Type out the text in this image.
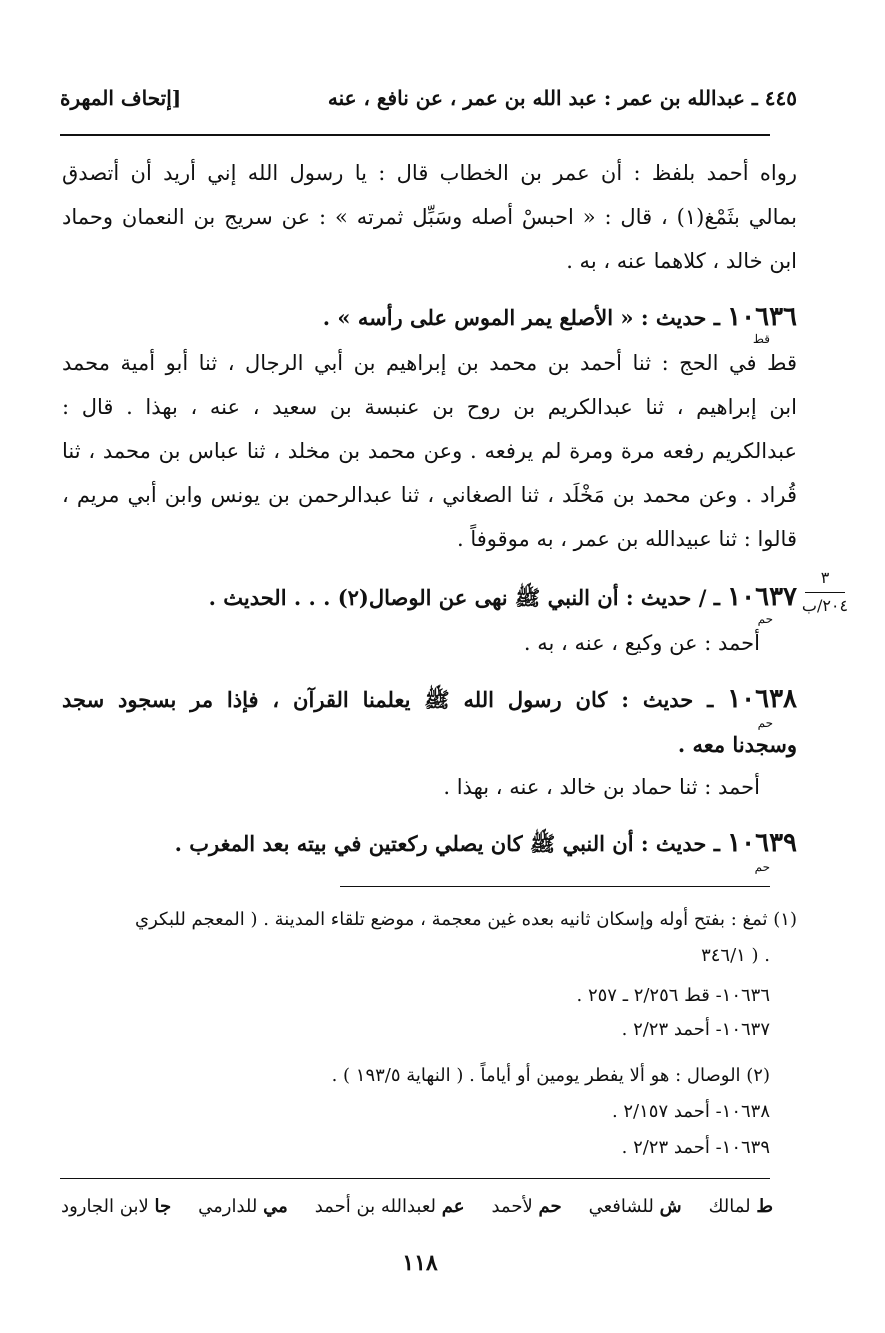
٤٤٥ ـ عبدالله بن عمر : عبد الله بن عمر ، عن نافع ، عنه
[إتحاف المهرة
رواه أحمد بلفظ : أن عمر بن الخطاب قال : يا رسول الله إني أريد أن أتصدق
بمالي بثَمْغ(١) ، قال : « احبسْ أصله وسَبِّل ثمرته » : عن سريج بن النعمان وحماد
ابن خالد ، كلاهما عنه ، به .
١٠٦٣٦ ـ حديث : « الأصلع يمر الموس على رأسه » .
قط
قط في الحج : ثنا أحمد بن محمد بن إبراهيم بن أبي الرجال ، ثنا أبو أمية محمد
ابن إبراهيم ، ثنا عبدالكريم بن روح بن عنبسة بن سعيد ، عنه ، بهذا . قال :
عبدالكريم رفعه مرة ومرة لم يرفعه . وعن محمد بن مخلد ، ثنا عباس بن محمد ، ثنا
قُراد . وعن محمد بن مَخْلَد ، ثنا الصغاني ، ثنا عبدالرحمن بن يونس وابن أبي مريم ،
قالوا : ثنا عبيدالله بن عمر ، به موقوفاً .
٣
٢٠٤/ب
١٠٦٣٧ ـ / حديث : أن النبي ﷺ نهى عن الوصال(٢) . . . الحديث .
حم
أحمد : عن وكيع ، عنه ، به .
١٠٦٣٨ ـ حديث : كان رسول الله ﷺ يعلمنا القرآن ، فإذا مر بسجود سجد
حم
وسجدنا معه .
أحمد : ثنا حماد بن خالد ، عنه ، بهذا .
١٠٦٣٩ ـ حديث : أن النبي ﷺ كان يصلي ركعتين في بيته بعد المغرب .
حم
(١) ثمغ : بفتح أوله وإسكان ثانيه بعده غين معجمة ، موضع تلقاء المدينة . ( المعجم للبكري
. ( ٣٤٦/١
١٠٦٣٦- قط ٢/٢٥٦ ـ ٢٥٧ .
١٠٦٣٧- أحمد ٢/٢٣ .
(٢) الوصال : هو ألا يفطر يومين أو أياماً . ( النهاية ١٩٣/٥ ) .
١٠٦٣٨- أحمد ٢/١٥٧ .
١٠٦٣٩- أحمد ٢/٢٣ .
ط لمالك
ش للشافعي
حم لأحمد
عم لعبدالله بن أحمد
مي للدارمي
جا لابن الجارود
١١٨
